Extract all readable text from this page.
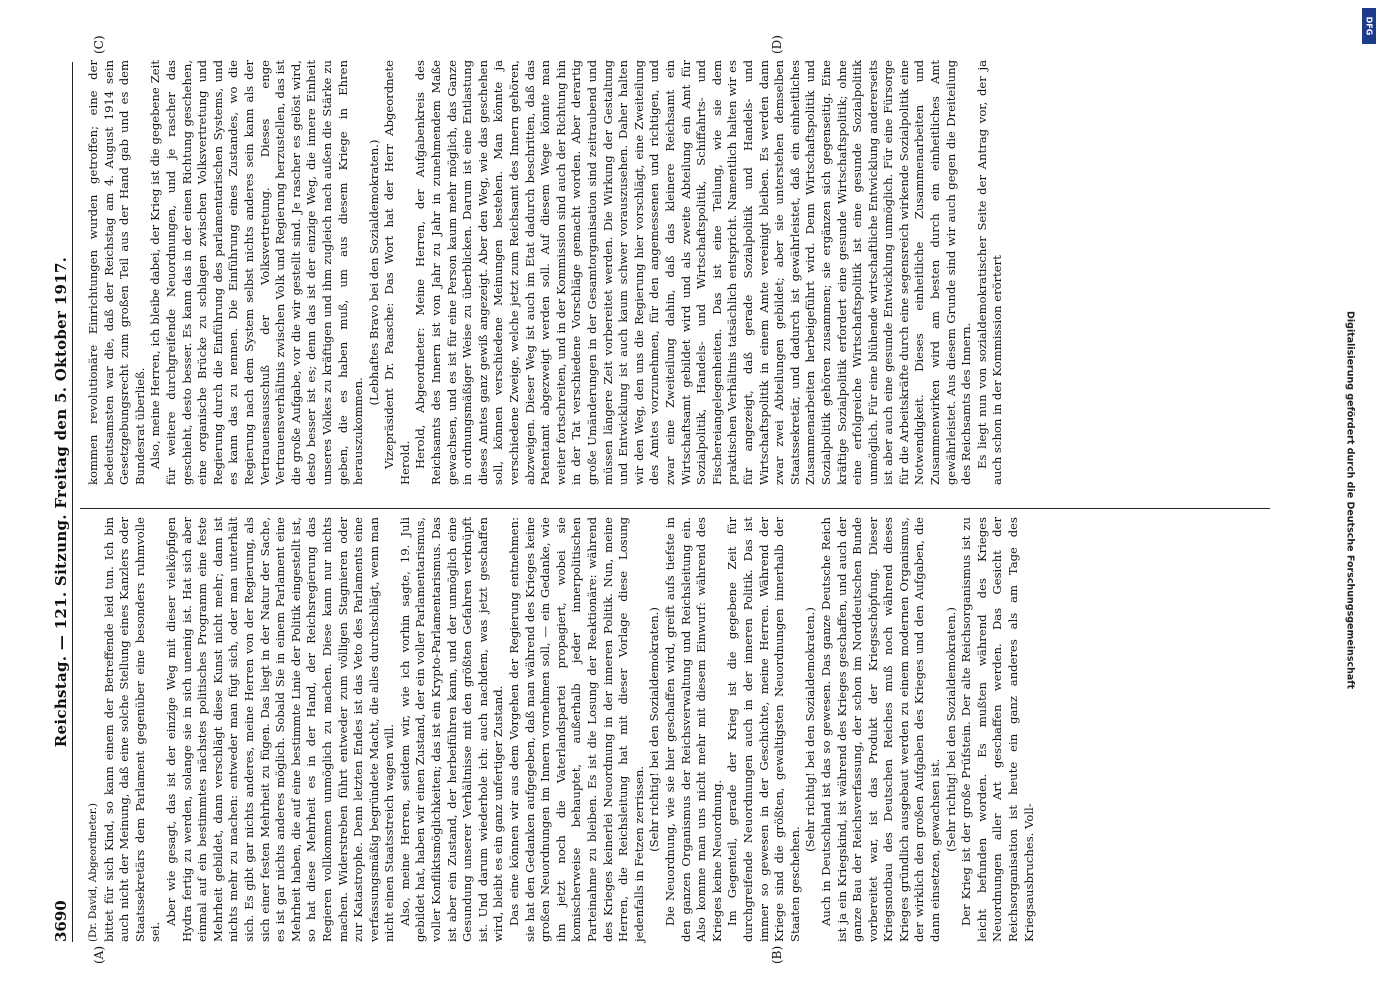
3690
Reichstag. — 121. Sitzung. Freitag den 5. Oktober 1917.
(A)	(B)
(C)	(D)

(Dr. David, Abgeordneter.) bittet für sich Kind, so kann einem der Betreffende leid tun. Ich bin auch nicht der Meinung, daß eine solche Stellung eines Kanzlers oder Staatssekretärs dem Parlament gegenüber eine besonders ruhmvolle sei.

Aber wie gesagt, das ist der einzige Weg mit dieser vielköpfigen Hydra fertig zu werden, solange sie in sich uneinig ist. Hat sich aber einmal auf ein bestimmtes nächstes politisches Programm eine feste Mehrheit gebildet, dann verschlägt diese Kunst nicht mehr; dann ist nichts mehr zu machen: entweder man fügt sich, oder man unterhält sich. Es gibt gar nichts anderes, meine Herren von der Regierung, als sich einer festen Mehrheit zu fügen. Das liegt in der Natur der Sache, es ist gar nichts anderes möglich. Sobald Sie in einem Parlament eine Mehrheit haben, die auf eine bestimmte Linie der Politik eingestellt ist, so hat diese Mehrheit es in der Hand, der Reichsregierung das Regieren vollkommen unmöglich zu machen. Diese kann nur nichts machen. Widerstreben führt entweder zum völligen Stagnieren oder zur Katastrophe. Denn letzten Endes ist das Veto des Parlaments eine verfassungsmäßig begründete Macht, die alles durchschlägt, wenn man nicht einen Staatsstreich wagen will. Also, meine Herren, seitdem wir, wie ich vorhin sagte, 19. Juli gebildet hat, haben wir einen Zustand, der ein voller Parlamentarismus, voller Konfliktsmöglichkeiten; das ist ein Krypto-Parlamentarismus. Das ist aber ein Zustand, der herbeiführen kann, und der unmöglich eine Gesundung unserer Verhältnisse mit den größten Gefahren verknüpft ist. Und darum wiederhole ich: auch nachdem, was jetzt geschaffen wird, bleibt es ein ganz unfertiger Zustand. Das eine können wir aus dem Vorgehen der Regierung entnehmen: sie hat den Gedanken aufgegeben, daß man während des Krieges keine großen Neuordnungen im Innern vornehmen soll, — ein Gedanke, wie ihn jetzt noch die Vaterlandspartei propagiert, wobei sie komischerweise behauptet, außerhalb jeder innerpolitischen Parteinahme zu bleiben. Es ist die Losung der Reaktionäre: während des Krieges keinerlei Neuordnung in der inneren Politik. Nun, meine Herren, die Reichsleitung hat mit dieser Vorlage diese Losung jedenfalls in Fetzen zerrissen.

(Sehr richtig! bei den Sozialdemokraten.) Die Neuordnung, wie sie hier geschaffen wird, greift aufs tiefste in den ganzen Organismus der Reichsverwaltung und Reichsleitung ein. Also komme man uns nicht mehr mit diesem Einwurf: während des Krieges keine Neuordnung. Im Gegenteil, gerade der Krieg ist die gegebene Zeit für durchgreifende Neuordnungen auch in der inneren Politik. Das ist immer so gewesen in der Geschichte, meine Herren. Während der Kriege sind die größten, gewaltigsten Neuordnungen innerhalb der Staaten geschehen.

(Sehr richtig! bei den Sozialdemokraten.) Auch in Deutschland ist das so gewesen. Das ganze Deutsche Reich ist ja ein Kriegskind, ist während des Krieges geschaffen, und auch der ganze Bau der Reichsverfassung, der schon im Norddeutschen Bunde vorbereitet war, ist das Produkt der Kriegsschöpfung. Dieser Kriegsnotbau des Deutschen Reiches muß noch während dieses Krieges gründlich ausgebaut werden zu einem modernen Organismus, der wirklich den großen Aufgaben des Krieges und den Aufgaben, die dann einsetzen, gewachsen ist. (Sehr richtig! bei den Sozialdemokraten.) Der Krieg ist der große Prüfstein. Der alte Reichsorganismus ist zu leicht befunden worden. Es mußten während des Krieges Neuordnungen aller Art geschaffen werden. Das Gesicht der Reichsorganisation ist heute ein ganz anderes als am Tage des Kriegsausbruches. Voll-

kommen revolutionäre Einrichtungen wurden getroffen; eine der bedeutsamsten war die, daß der Reichstag am 4. August 1914 sein Gesetzgebungsrecht zum großen Teil aus der Hand gab und es dem Bundesrat überließ. Also, meine Herren, ich bleibe dabei, der Krieg ist die gegebene Zeit für weitere durchgreifende Neuordnungen, und je rascher das geschieht, desto besser. Es kann das in der einen Richtung geschehen, eine organische Brücke zu schlagen zwischen Volksvertretung und Regierung durch die Einführung des parlamentarischen Systems, und es kann das zu nennen. Die Einführung eines Zustandes, wo die Regierung nach dem System selbst nichts anderes sein kann als der Vertrauensausschuß der Volksvertretung. Dieses enge Vertrauensverhältnis zwischen Volk und Regierung herzustellen, das ist die große Aufgabe, vor die wir gestellt sind. Je rascher es gelöst wird, desto besser ist es; denn das ist der einzige Weg, die innere Einheit unseres Volkes zu kräftigen und ihm zugleich nach außen die Stärke zu geben, die es haben muß, um aus diesem Kriege in Ehren herauszukommen.

(Lebhaftes Bravo bei den Sozialdemokraten.) Vizepräsident Dr. Paasche: Das Wort hat der Herr Abgeordnete Herold. Herold, Abgeordneter: Meine Herren, der Aufgabenkreis des Reichsamts des Innern ist von Jahr zu Jahr in zunehmendem Maße gewachsen, und es ist für eine Person kaum mehr möglich, das Ganze in ordnungsmäßiger Weise zu überblicken. Darum ist eine Entlastung dieses Amtes ganz gewiß angezeigt. Aber den Weg, wie das geschehen soll, können verschiedene Meinungen bestehen. Man könnte ja verschiedene Zweige, welche jetzt zum Reichsamt des Innern gehören, abzweigen. Dieser Weg ist auch im Etat dadurch beschritten, daß das Patentamt abgezweigt werden soll. Auf diesem Wege könnte man weiter fortschreiten, und in der Kommission sind auch der Richtung hin in der Tat verschiedene Vorschläge gemacht worden. Aber derartig große Umänderungen in der Gesamtorganisation sind zeitraubend und müssen längere Zeit vorbereitet werden. Die Wirkung der Gestaltung und Entwicklung ist auch kaum schwer vorauszusehen. Daher halten wir den Weg, den uns die Regierung hier vorschlägt, eine Zweiteilung des Amtes vorzunehmen, für den angemessenen und richtigen, und zwar eine Zweiteilung dahin, daß das kleinere Reichsamt ein Wirtschaftsamt gebildet wird und als zweite Abteilung ein Amt für Sozialpolitik, Handels- und Wirtschaftspolitik, Schiffahrts- und Fischereiangelegenheiten. Das ist eine Teilung, wie sie dem praktischen Verhältnis tatsächlich entspricht. Namentlich halten wir es für angezeigt, daß gerade Sozialpolitik und Handels- und Wirtschaftspolitik in einem Amte vereinigt bleiben. Es werden dann zwar zwei Abteilungen gebildet; aber sie unterstehen demselben Staatssekretär, und dadurch ist gewährleistet, daß ein einheitliches Zusammenarbeiten herbeigeführt wird. Denn Wirtschaftspolitik und Sozialpolitik gehören zusammen; sie ergänzen sich gegenseitig. Eine kräftige Sozialpolitik erfordert eine gesunde Wirtschaftspolitik; ohne eine erfolgreiche Wirtschaftspolitik ist eine gesunde Sozialpolitik unmöglich. Für eine blühende wirtschaftliche Entwicklung andererseits ist aber auch eine gesunde Entwicklung unmöglich. Für eine Fürsorge für die Arbeitskräfte durch eine segensreich wirkende Sozialpolitik eine Notwendigkeit. Dieses einheitliche Zusammenarbeiten und Zusammenwirken wird am besten durch ein einheitliches Amt gewährleistet. Aus diesem Grunde sind wir auch gegen die Dreiteilung des Reichsamts des Innern. Es liegt nun von sozialdemokratischer Seite der Antrag vor, der ja auch schon in der Kommission erörtert	Digitalisierung gefördert durch die Deutsche Forschungsgemeinschaft
DFG
